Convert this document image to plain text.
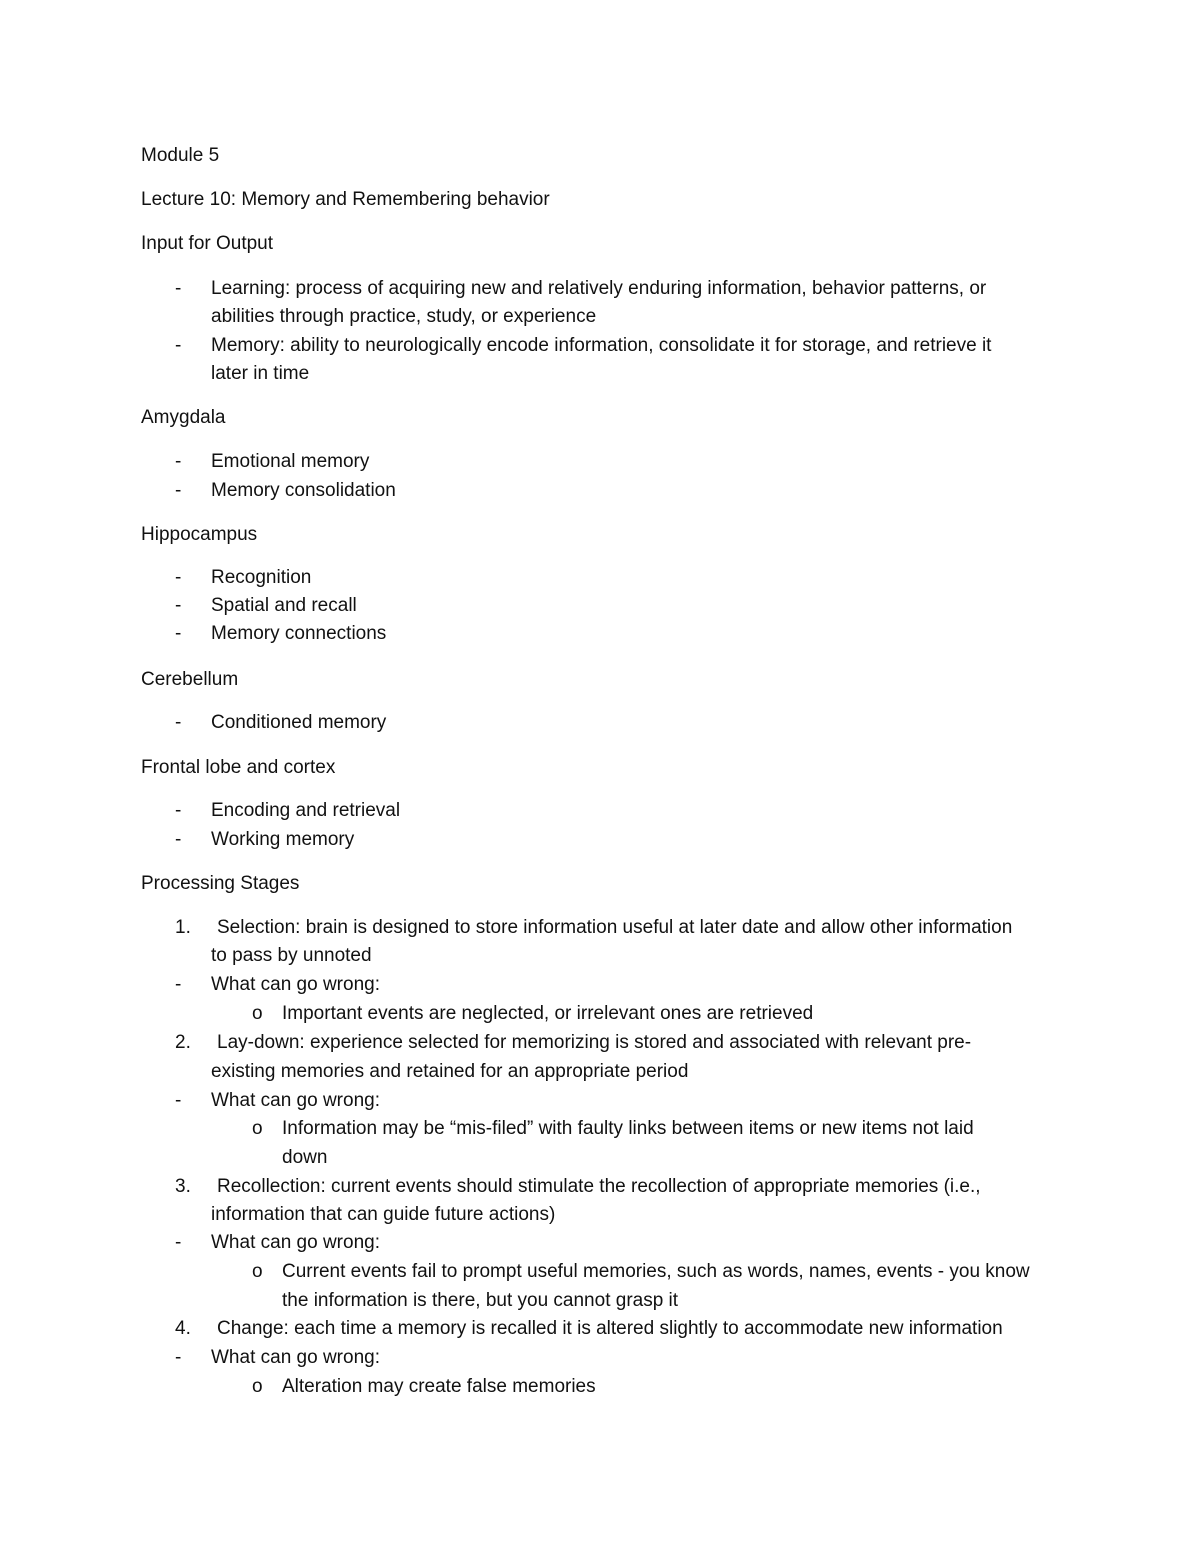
Module 5
Lecture 10: Memory and Remembering behavior
Input for Output
- Learning: process of acquiring new and relatively enduring information, behavior patterns, or
abilities through practice, study, or experience
- Memory: ability to neurologically encode information, consolidate it for storage, and retrieve it
later in time
Amygdala
- Emotional memory
- Memory consolidation
Hippocampus
- Recognition
- Spatial and recall
- Memory connections
Cerebellum
- Conditioned memory
Frontal lobe and cortex
- Encoding and retrieval
- Working memory
Processing Stages
1. Selection: brain is designed to store information useful at later date and allow other information
to pass by unnoted
- What can go wrong:
o Important events are neglected, or irrelevant ones are retrieved
2. Lay-down: experience selected for memorizing is stored and associated with relevant pre-
existing memories and retained for an appropriate period
- What can go wrong:
o Information may be “mis-filed” with faulty links between items or new items not laid
down
3. Recollection: current events should stimulate the recollection of appropriate memories (i.e.,
information that can guide future actions)
- What can go wrong:
o Current events fail to prompt useful memories, such as words, names, events - you know
the information is there, but you cannot grasp it
4. Change: each time a memory is recalled it is altered slightly to accommodate new information
- What can go wrong:
o Alteration may create false memories
